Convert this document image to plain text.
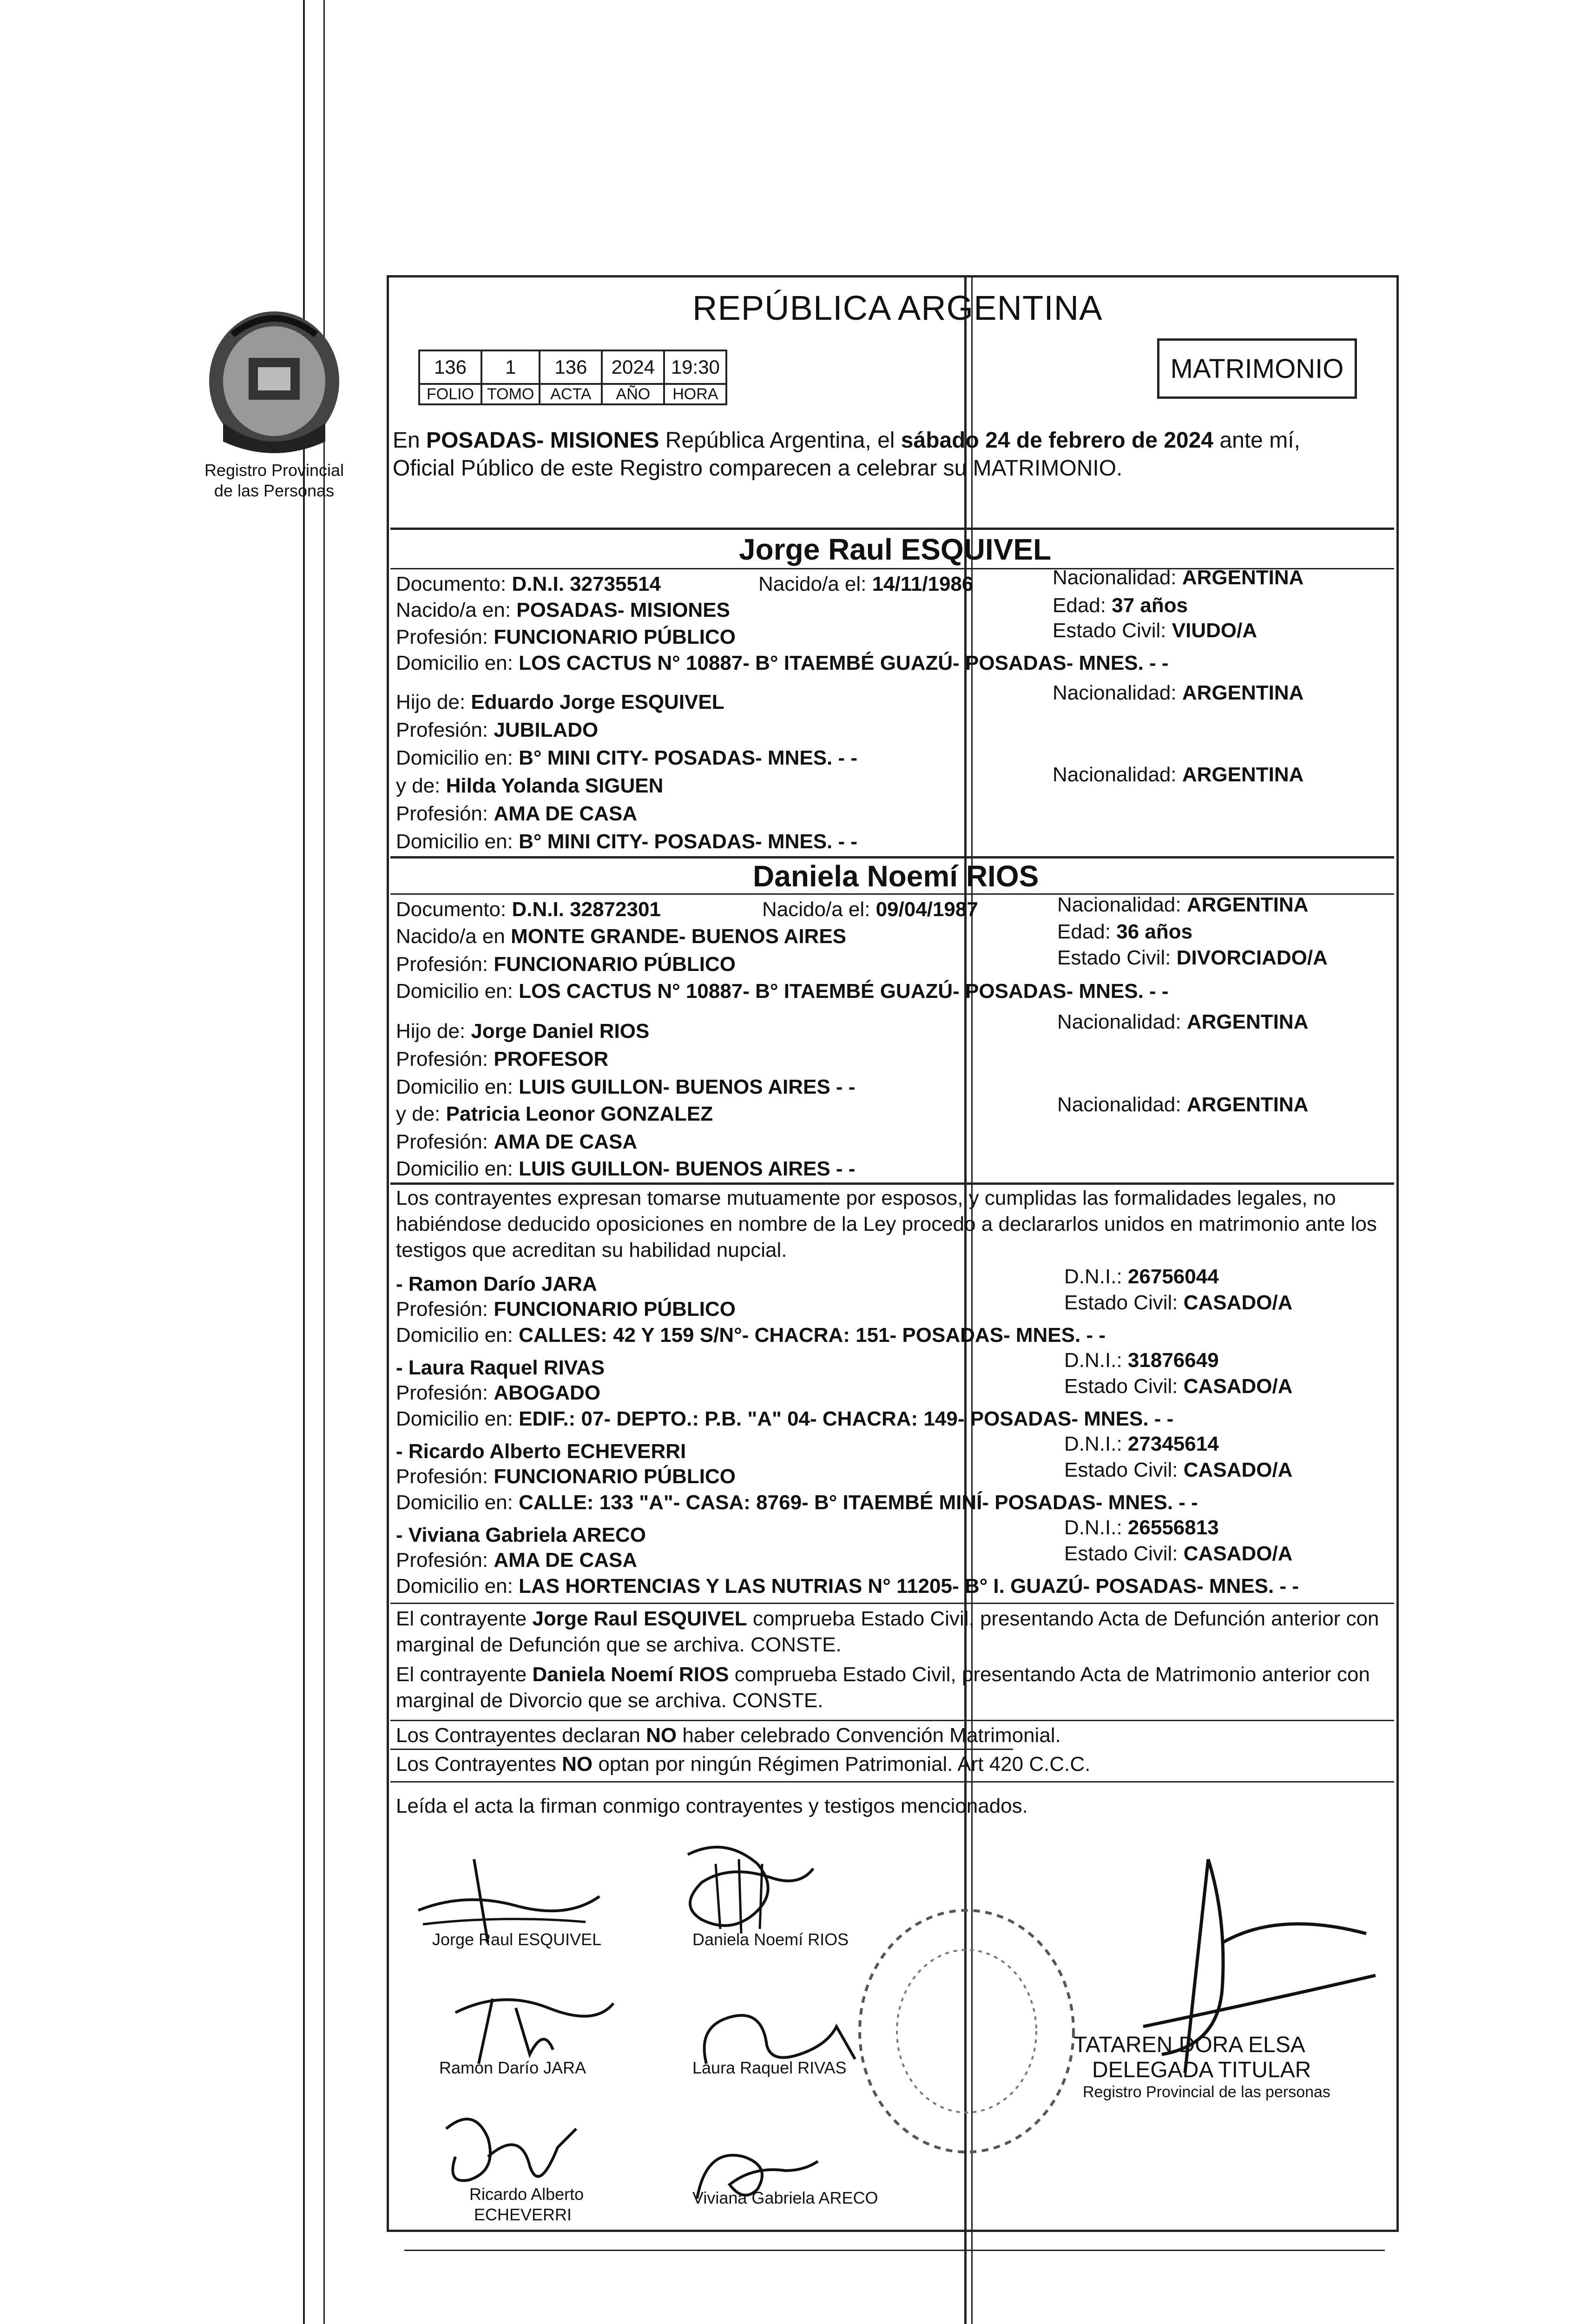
Registro Provincial
de las Personas
REPÚBLICA ARGENTINA
MATRIMONIO
136	1	136	2024	19:30
FOLIO	TOMO	ACTA	AÑO	HORA
En POSADAS- MISIONES República Argentina, el sábado 24 de febrero de 2024 ante mí,
Oficial Público de este Registro comparecen a celebrar su MATRIMONIO.
Jorge Raul ESQUIVEL
Documento: D.N.I. 32735514	Nacido/a el: 14/11/1986	Nacionalidad: ARGENTINA
Nacido/a en: POSADAS- MISIONES	Edad: 37 años
Profesión: FUNCIONARIO PÚBLICO	Estado Civil: VIUDO/A
Domicilio en: LOS CACTUS N° 10887- B° ITAEMBÉ GUAZÚ- POSADAS- MNES. - -
Hijo de: Eduardo Jorge ESQUIVEL	Nacionalidad: ARGENTINA
Profesión: JUBILADO
Domicilio en: B° MINI CITY- POSADAS- MNES. - -
y de: Hilda Yolanda SIGUEN	Nacionalidad: ARGENTINA
Profesión: AMA DE CASA
Domicilio en: B° MINI CITY- POSADAS- MNES. - -
Daniela Noemí RIOS
Documento: D.N.I. 32872301	Nacido/a el: 09/04/1987	Nacionalidad: ARGENTINA
Nacido/a en MONTE GRANDE- BUENOS AIRES	Edad: 36 años
Profesión: FUNCIONARIO PÚBLICO	Estado Civil: DIVORCIADO/A
Domicilio en: LOS CACTUS N° 10887- B° ITAEMBÉ GUAZÚ- POSADAS- MNES. - -
Hijo de: Jorge Daniel RIOS	Nacionalidad: ARGENTINA
Profesión: PROFESOR
Domicilio en: LUIS GUILLON- BUENOS AIRES - -
y de: Patricia Leonor GONZALEZ	Nacionalidad: ARGENTINA
Profesión: AMA DE CASA
Domicilio en: LUIS GUILLON- BUENOS AIRES - -
Los contrayentes expresan tomarse mutuamente por esposos, y cumplidas las formalidades legales, no habiéndose deducido oposiciones en nombre de la Ley procedo a declararlos unidos en matrimonio ante los testigos que acreditan su habilidad nupcial.
- Ramon Darío JARA	D.N.I.: 26756044
Profesión: FUNCIONARIO PÚBLICO	Estado Civil: CASADO/A
Domicilio en: CALLES: 42 Y 159 S/N°- CHACRA: 151- POSADAS- MNES. - -
- Laura Raquel RIVAS	D.N.I.: 31876649
Profesión: ABOGADO	Estado Civil: CASADO/A
Domicilio en: EDIF.: 07- DEPTO.: P.B. "A" 04- CHACRA: 149- POSADAS- MNES. - -
- Ricardo Alberto ECHEVERRI	D.N.I.: 27345614
Profesión: FUNCIONARIO PÚBLICO	Estado Civil: CASADO/A
Domicilio en: CALLE: 133 "A"- CASA: 8769- B° ITAEMBÉ MINÍ- POSADAS- MNES. - -
- Viviana Gabriela ARECO	D.N.I.: 26556813
Profesión: AMA DE CASA	Estado Civil: CASADO/A
Domicilio en: LAS HORTENCIAS Y LAS NUTRIAS N° 11205- B° I. GUAZÚ- POSADAS- MNES. - -
El contrayente Jorge Raul ESQUIVEL comprueba Estado Civil, presentando Acta de Defunción anterior con marginal de Defunción que se archiva. CONSTE.
El contrayente Daniela Noemí RIOS comprueba Estado Civil, presentando Acta de Matrimonio anterior con marginal de Divorcio que se archiva. CONSTE.
Los Contrayentes declaran NO haber celebrado Convención Matrimonial.
Los Contrayentes NO optan por ningún Régimen Patrimonial. Art 420 C.C.C.
Leída el acta la firman conmigo contrayentes y testigos mencionados.
Jorge Raul ESQUIVEL	Daniela Noemí RIOS
Ramon Darío JARA	Laura Raquel RIVAS
Ricardo Alberto
ECHEVERRI
Viviana Gabriela ARECO
TATAREN DORA ELSA
DELEGADA TITULAR
Registro Provincial de las personas
